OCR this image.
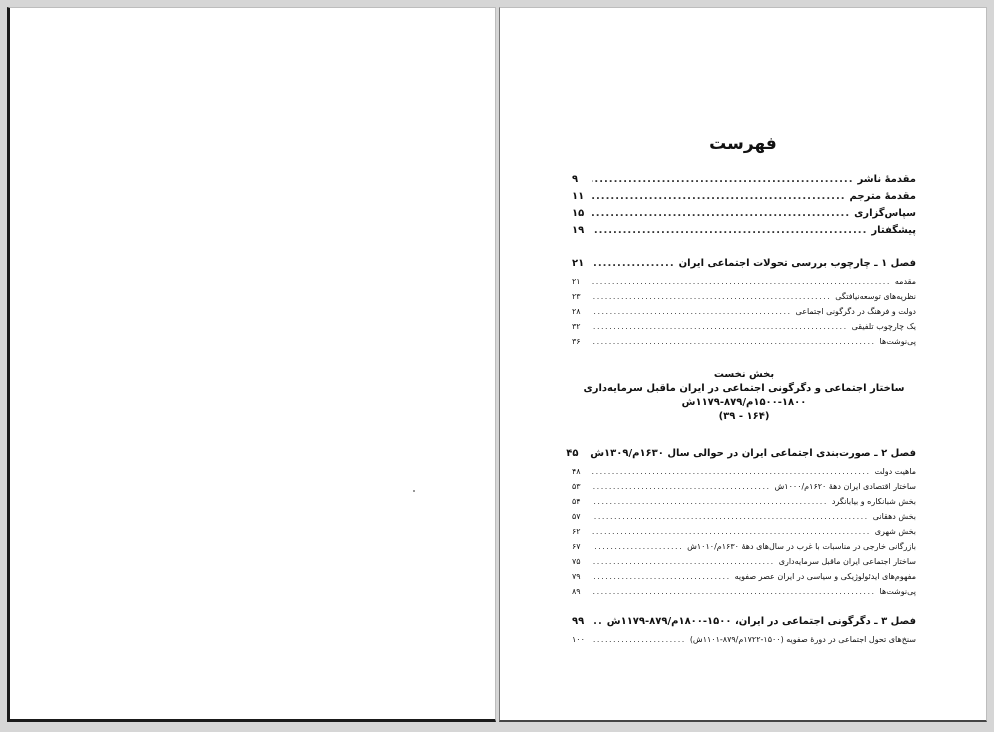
فهرست
مقدمهٔ ناشر
.....
۹
مقدمهٔ مترجم
.....
۱۱
سپاس‌گزاری
.....
۱۵
پیشگفتار
.....
۱۹
فصل ۱ ـ چارچوب بررسی تحولات اجتماعی ایران
.....
۲۱
مقدمه
.....
۲۱
نظریه‌های توسعه‌نیافتگی
.....
۲۳
دولت و فرهنگ در دگرگونی اجتماعی
.....
۲۸
یک چارچوب تلفیقی
.....
۳۲
پی‌نوشت‌ها
.....
۳۶
بخش نخست
ساختار اجتماعی و دگرگونی اجتماعی در ایران ماقبل سرمایه‌داری
۱۵۰۰-۱۸۰۰م/۸۷۹-۱۱۷۹ش
(۱۶۴ - ۳۹)
فصل ۲ ـ صورت‌بندی اجتماعی ایران در حوالی سال ۱۶۳۰م/۱۳۰۹ش
۴۵
ماهیت دولت
.....
۴۸
ساختار اقتصادی ایران دههٔ ۱۶۲۰م/۱۰۰۰ش
.....
۵۳
بخش شبانکاره و بیابانگرد
.....
۵۴
بخش دهقانی
.....
۵۷
بخش شهری
.....
۶۲
بازرگانی خارجی در مناسبات با غرب در سال‌های دههٔ ۱۶۳۰م/۱۰۱۰ش
.....
۶۷
ساختار اجتماعی ایران ماقبل سرمایه‌داری
.....
۷۵
مفهوم‌های ایدئولوژیکی و سیاسی در ایران عصر صفویه
.....
۷۹
پی‌نوشت‌ها
.....
۸۹
فصل ۳ ـ دگرگونی اجتماعی در ایران، ۱۵۰۰-۱۸۰۰م/۸۷۹-۱۱۷۹ش
.....
۹۹
سنخ‌های تحول اجتماعی در دورهٔ صفویه (۱۵۰۰-۱۷۲۲م/۸۷۹-۱۱۰۱ش)
.....
۱۰۰
